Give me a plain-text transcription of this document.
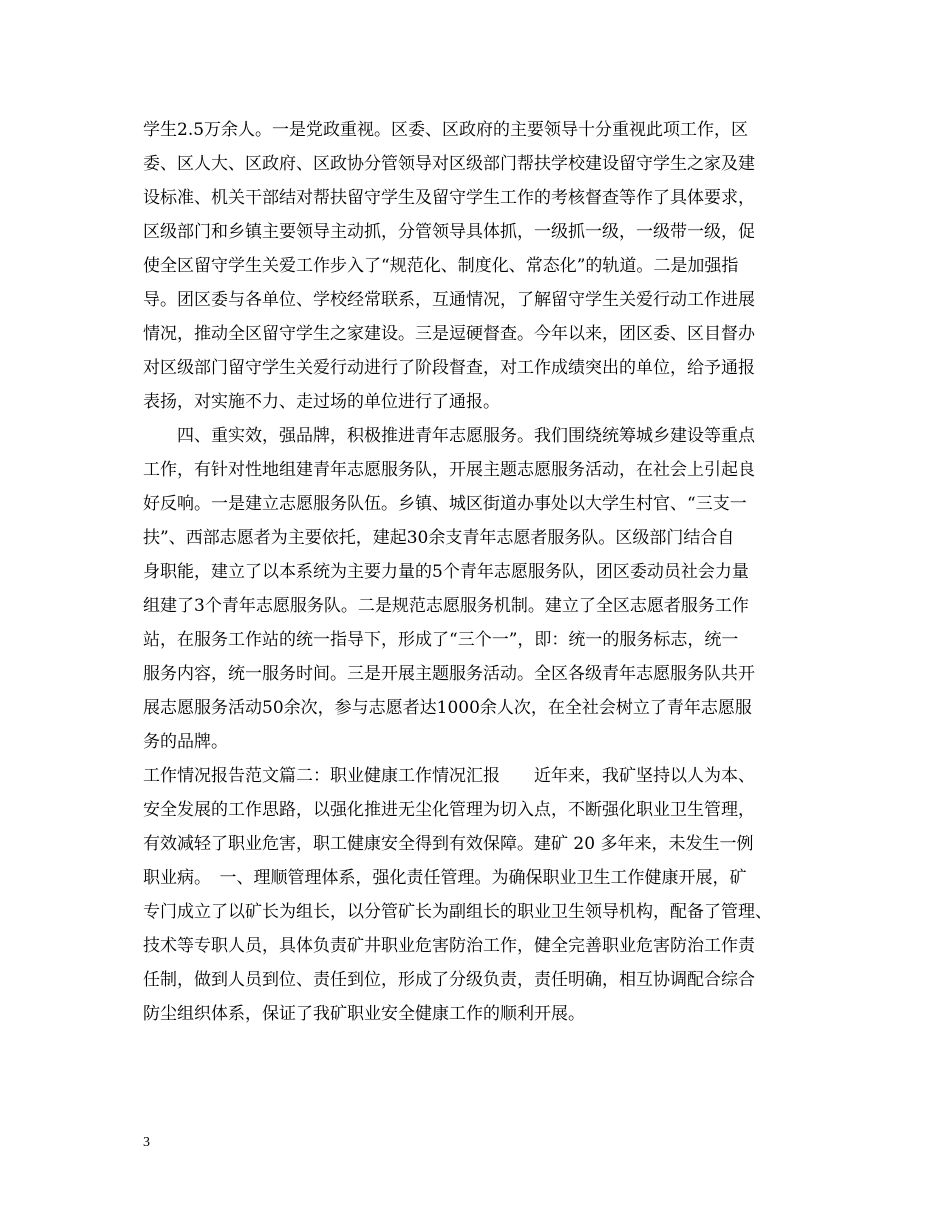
学生2.5万余人。一是党政重视。区委、区政府的主要领导十分重视此项工作，区
委、区人大、区政府、区政协分管领导对区级部门帮扶学校建设留守学生之家及建
设标准、机关干部结对帮扶留守学生及留守学生工作的考核督查等作了具体要求，
区级部门和乡镇主要领导主动抓，分管领导具体抓，一级抓一级，一级带一级，促
使全区留守学生关爱工作步入了“规范化、制度化、常态化”的轨道。二是加强指
导。团区委与各单位、学校经常联系，互通情况，了解留守学生关爱行动工作进展
情况，推动全区留守学生之家建设。三是逗硬督查。今年以来，团区委、区目督办
对区级部门留守学生关爱行动进行了阶段督查，对工作成绩突出的单位，给予通报
表扬，对实施不力、走过场的单位进行了通报。
　　四、重实效，强品牌，积极推进青年志愿服务。我们围绕统筹城乡建设等重点
工作，有针对性地组建青年志愿服务队，开展主题志愿服务活动，在社会上引起良
好反响。一是建立志愿服务队伍。乡镇、城区街道办事处以大学生村官、“三支一
扶”、西部志愿者为主要依托，建起30余支青年志愿者服务队。区级部门结合自
身职能，建立了以本系统为主要力量的5个青年志愿服务队，团区委动员社会力量
组建了3个青年志愿服务队。二是规范志愿服务机制。建立了全区志愿者服务工作
站，在服务工作站的统一指导下，形成了“三个一”，即：统一的服务标志，统一
服务内容，统一服务时间。三是开展主题服务活动。全区各级青年志愿服务队共开
展志愿服务活动50余次，参与志愿者达1000余人次，在全社会树立了青年志愿服
务的品牌。
工作情况报告范文篇二：职业健康工作情况汇报　　近年来，我矿坚持以人为本、
安全发展的工作思路，以强化推进无尘化管理为切入点，不断强化职业卫生管理，
有效减轻了职业危害，职工健康安全得到有效保障。建矿 20 多年来，未发生一例
职业病。　一、理顺管理体系，强化责任管理。为确保职业卫生工作健康开展，矿
专门成立了以矿长为组长，以分管矿长为副组长的职业卫生领导机构，配备了管理、
技术等专职人员，具体负责矿井职业危害防治工作，健全完善职业危害防治工作责
任制，做到人员到位、责任到位，形成了分级负责，责任明确，相互协调配合综合
防尘组织体系，保证了我矿职业安全健康工作的顺利开展。
3
